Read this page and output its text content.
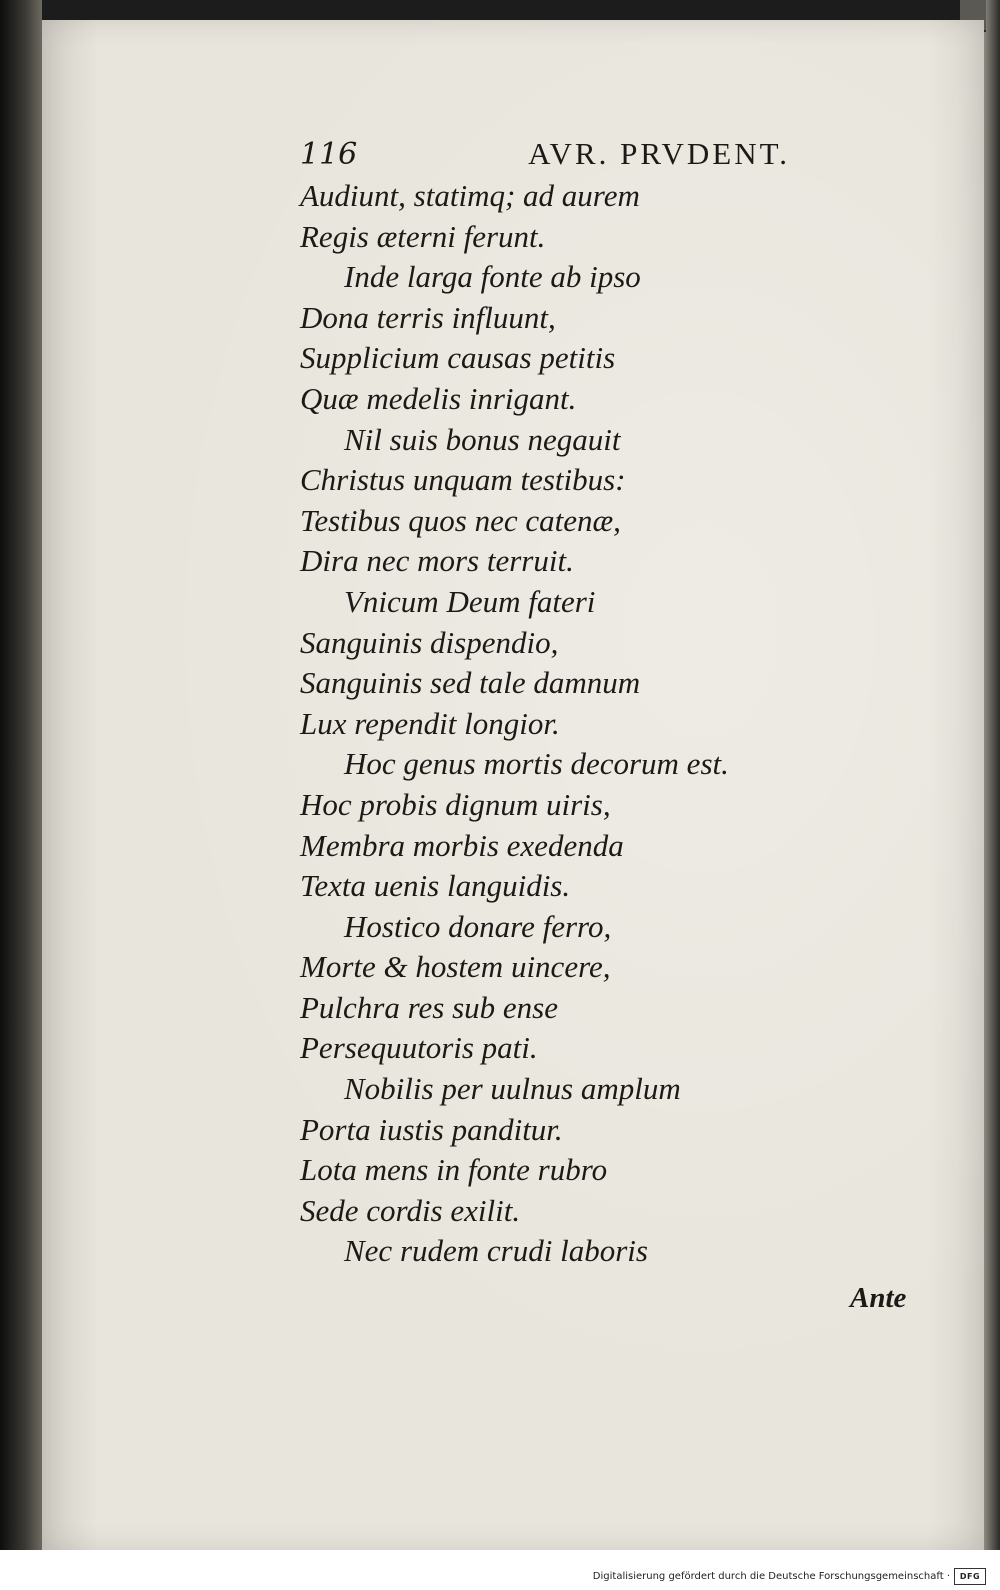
116	AVR. PRVDENT.
Audiunt, statimq; ad aurem
Regis æterni ferunt.
Inde larga fonte ab ipso
Dona terris influunt,
Supplicium causas petitis
Quæ medelis inrigant.
Nil suis bonus negauit
Christus unquam testibus:
Testibus quos nec catenæ,
Dira nec mors terruit.
Vnicum Deum fateri
Sanguinis dispendio,
Sanguinis sed tale damnum
Lux rependit longior.
Hoc genus mortis decorum est.
Hoc probis dignum uiris,
Membra morbis exedenda
Texta uenis languidis.
Hostico donare ferro,
Morte & hostem uincere,
Pulchra res sub ense
Persequutoris pati.
Nobilis per uulnus amplum
Porta iustis panditur.
Lota mens in fonte rubro
Sede cordis exilit.
Nec rudem crudi laboris
Ante
Digitalisierung gefördert durch die Deutsche Forschungsgemeinschaft ·	DFG
